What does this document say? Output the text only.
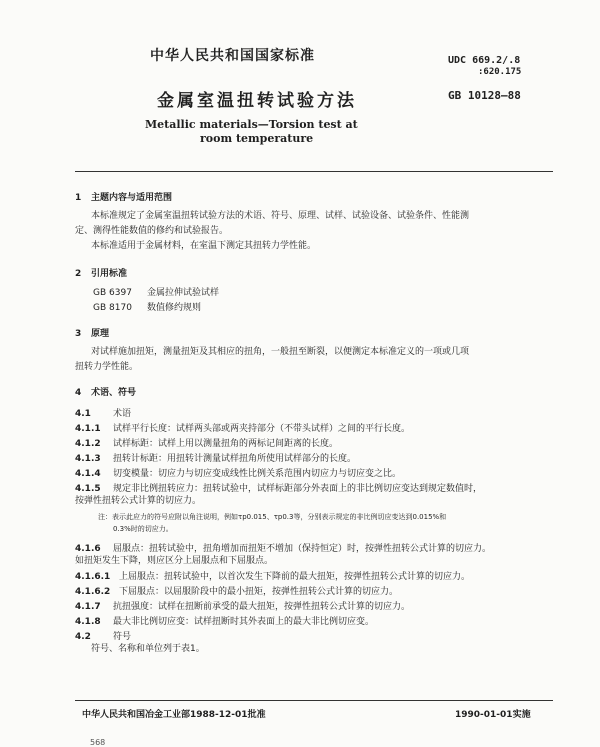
中华人民共和国国家标准	UDC 669.2/.8
:620.175
GB 10128—88
金属室温扭转试验方法
Metallic materials—Torsion test at
room temperature
1 主题内容与适用范围
本标准规定了金属室温扭转试验方法的术语、符号、原理、试样、试验设备、试验条件、性能测
定、测得性能数值的修约和试验报告。
本标准适用于金属材料，在室温下测定其扭转力学性能。
2 引用标准
GB 6397 金属拉伸试验试样
GB 8170 数值修约规则
3 原理
对试样施加扭矩，测量扭矩及其相应的扭角，一般扭至断裂，以便测定本标准定义的一项或几项
扭转力学性能。
4 术语、符号
4.1 术语
4.1.1 试样平行长度：试样两头部或两夹持部分（不带头试样）之间的平行长度。
4.1.2 试样标距：试样上用以测量扭角的两标记间距离的长度。
4.1.3 扭转计标距：用扭转计测量试样扭角所使用试样部分的长度。
4.1.4 切变模量：切应力与切应变成线性比例关系范围内切应力与切应变之比。
4.1.5 规定非比例扭转应力：扭转试验中，试样标距部分外表面上的非比例切应变达到规定数值时，
按弹性扭转公式计算的切应力。
注：表示此应力的符号应附以角注说明，例如τp0.015、τp0.3等，分别表示规定的非比例切应变达到0.015%和
0.3%时的切应力。
4.1.6 屈服点：扭转试验中，扭角增加而扭矩不增加（保持恒定）时，按弹性扭转公式计算的切应力。
如扭矩发生下降，则应区分上屈服点和下屈服点。
4.1.6.1 上屈服点：扭转试验中，以首次发生下降前的最大扭矩，按弹性扭转公式计算的切应力。
4.1.6.2 下屈服点：以屈服阶段中的最小扭矩，按弹性扭转公式计算的切应力。
4.1.7 抗扭强度：试样在扭断前承受的最大扭矩，按弹性扭转公式计算的切应力。
4.1.8 最大非比例切应变：试样扭断时其外表面上的最大非比例切应变。
4.2 符号
符号、名称和单位列于表1。
中华人民共和国冶金工业部1988-12-01批准	1990-01-01实施
568
